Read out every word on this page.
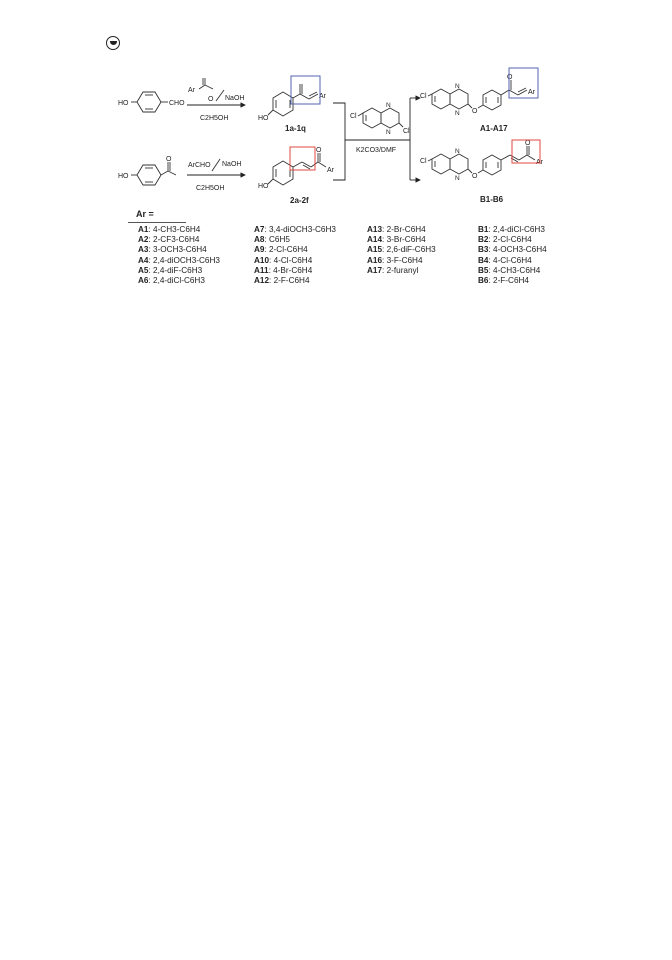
HO	CHO
Ar
O NaOH
C2H5OH	HO
Ar
1a-1q
HO
O
ArCHO NaOH
C2H5OH	HO
O
Ar
2a-2f
Cl
N
N Cl
K2CO3/DMF
Cl
N
N O
O
Ar
A1-A17
Cl
N
N O
O
Ar
B1-B6
Ar =
A1: 4-CH3-C6H4
A2: 2-CF3-C6H4
A3: 3-OCH3-C6H4
A4: 2,4-diOCH3-C6H3
A5: 2,4-diF-C6H3
A6: 2,4-diCl-C6H3
A7: 3,4-diOCH3-C6H3
A8: C6H5
A9: 2-Cl-C6H4
A10: 4-Cl-C6H4
A11: 4-Br-C6H4
A12: 2-F-C6H4
A13: 2-Br-C6H4
A14: 3-Br-C6H4
A15: 2,6-diF-C6H3
A16: 3-F-C6H4
A17: 2-furanyl
B1: 2,4-diCl-C6H3
B2: 2-Cl-C6H4
B3: 4-OCH3-C6H4
B4: 4-Cl-C6H4
B5: 4-CH3-C6H4
B6: 2-F-C6H4
